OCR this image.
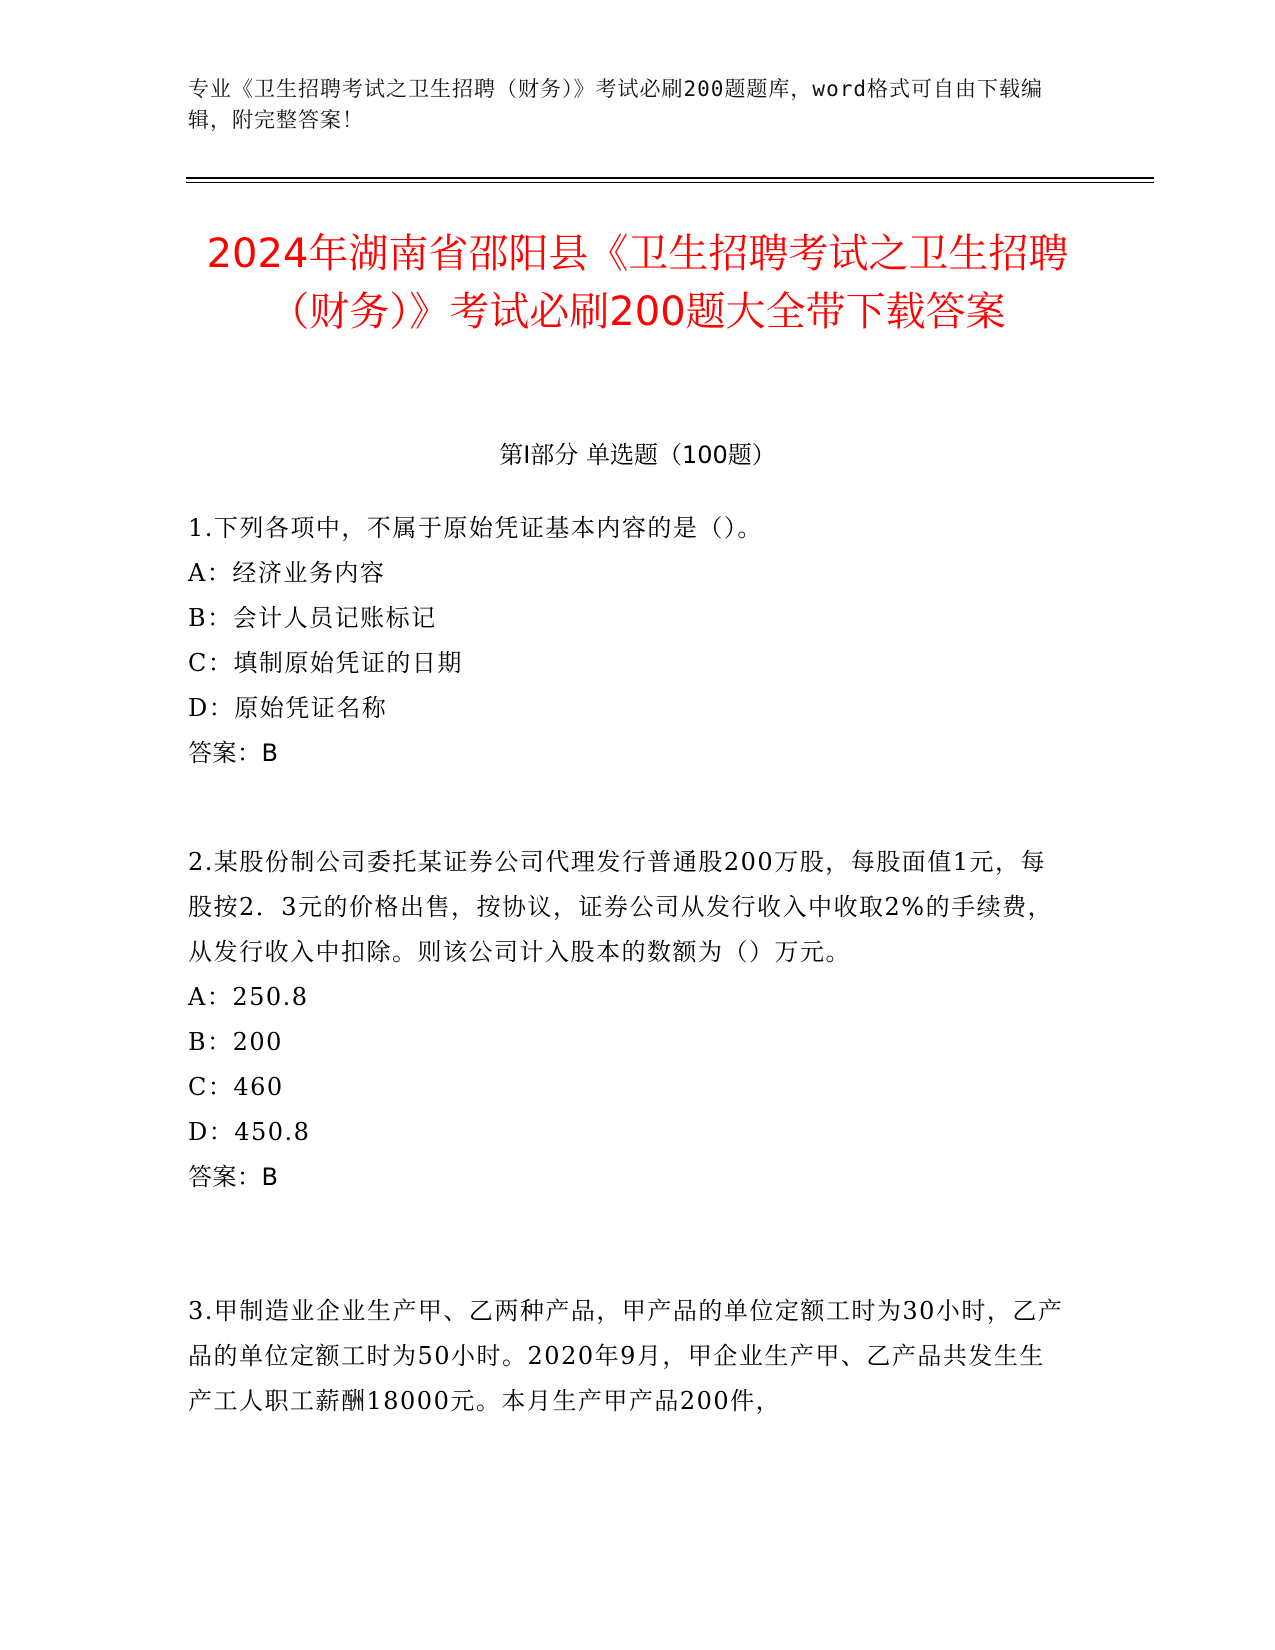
专业《卫生招聘考试之卫生招聘（财务）》考试必刷200题题库，word格式可自由下载编辑，附完整答案！
2024年湖南省邵阳县《卫生招聘考试之卫生招聘（财务）》考试必刷200题大全带下载答案
第Ⅰ部分 单选题（100题）
1.下列各项中，不属于原始凭证基本内容的是（）。
A：经济业务内容
B：会计人员记账标记
C：填制原始凭证的日期
D：原始凭证名称
答案：B
2.某股份制公司委托某证券公司代理发行普通股200万股，每股面值1元，每股按2．3元的价格出售，按协议，证券公司从发行收入中收取2%的手续费，从发行收入中扣除。则该公司计入股本的数额为（）万元。
A：250.8
B：200
C：460
D：450.8
答案：B
3.甲制造业企业生产甲、乙两种产品，甲产品的单位定额工时为30小时，乙产品的单位定额工时为50小时。2020年9月，甲企业生产甲、乙产品共发生生产工人职工薪酬18000元。本月生产甲产品200件，
